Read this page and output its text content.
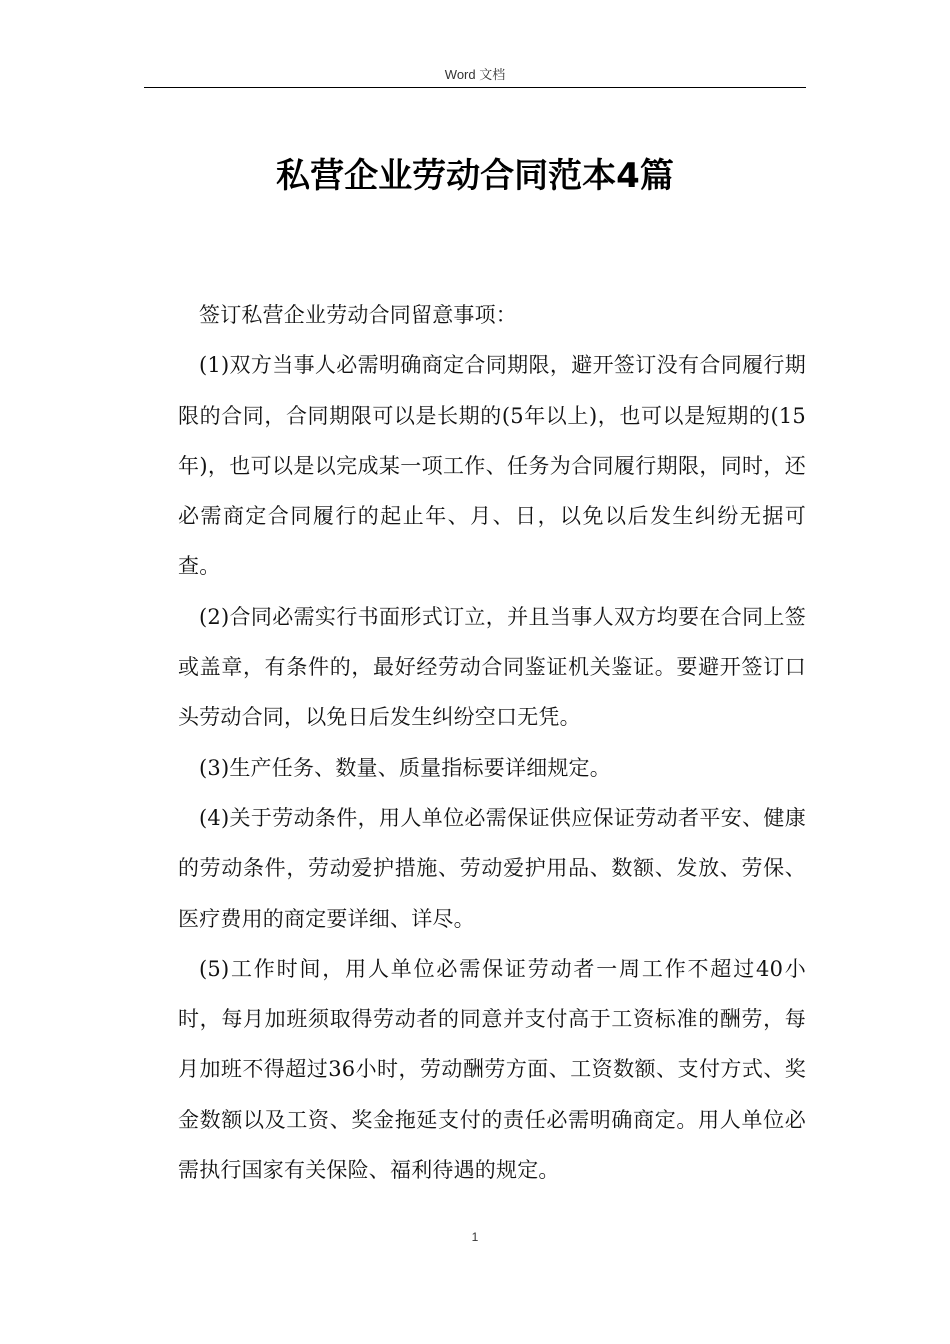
Word 文档
私营企业劳动合同范本4篇

签订私营企业劳动合同留意事项：

(1)双方当事人必需明确商定合同期限，避开签订没有合同履行期限的合同，合同期限可以是长期的(5年以上)，也可以是短期的(15年)，也可以是以完成某一项工作、任务为合同履行期限，同时，还必需商定合同履行的起止年、月、日，以免以后发生纠纷无据可查。

(2)合同必需实行书面形式订立，并且当事人双方均要在合同上签或盖章，有条件的，最好经劳动合同鉴证机关鉴证。要避开签订口头劳动合同，以免日后发生纠纷空口无凭。

(3)生产任务、数量、质量指标要详细规定。

(4)关于劳动条件，用人单位必需保证供应保证劳动者平安、健康的劳动条件，劳动爱护措施、劳动爱护用品、数额、发放、劳保、医疗费用的商定要详细、详尽。

(5)工作时间，用人单位必需保证劳动者一周工作不超过40小时，每月加班须取得劳动者的同意并支付高于工资标准的酬劳，每月加班不得超过36小时，劳动酬劳方面、工资数额、支付方式、奖金数额以及工资、奖金拖延支付的责任必需明确商定。用人单位必需执行国家有关保险、福利待遇的规定。

1
